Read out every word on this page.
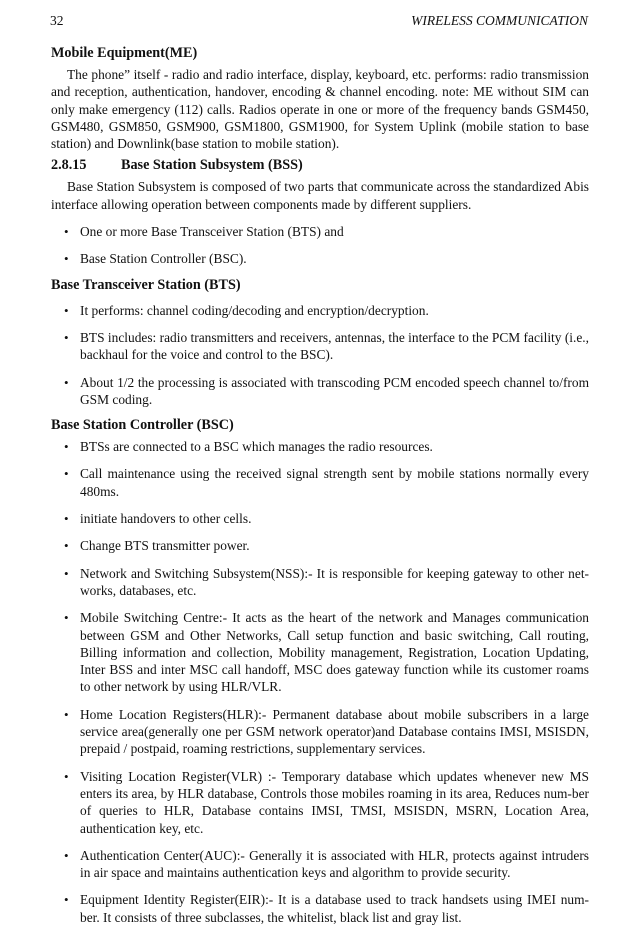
32	WIRELESS COMMUNICATION
Mobile Equipment(ME)

The phone” itself - radio and radio interface, display, keyboard, etc. performs: radio transmission and reception, authentication, handover, encoding & channel encoding. note: ME without SIM can only make emergency (112) calls. Radios operate in one or more of the frequency bands GSM450, GSM480, GSM850, GSM900, GSM1800, GSM1900, for System Uplink (mobile station to base station) and Downlink(base station to mobile station).

2.8.15 Base Station Subsystem (BSS)

Base Station Subsystem is composed of two parts that communicate across the standardized Abis interface allowing operation between components made by different suppliers.

• One or more Base Transceiver Station (BTS) and
• Base Station Controller (BSC).
Base Transceiver Station (BTS)
• It performs: channel coding/decoding and encryption/decryption.
• BTS includes: radio transmitters and receivers, antennas, the interface to the PCM facility (i.e., backhaul for the voice and control to the BSC).
• About 1/2 the processing is associated with transcoding PCM encoded speech channel to/from GSM coding.
Base Station Controller (BSC)
• BTSs are connected to a BSC which manages the radio resources.
• Call maintenance using the received signal strength sent by mobile stations normally every 480ms.
• initiate handovers to other cells.
• Change BTS transmitter power.
• Network and Switching Subsystem(NSS):- It is responsible for keeping gateway to other net-works, databases, etc.
• Mobile Switching Centre:- It acts as the heart of the network and Manages communication between GSM and Other Networks, Call setup function and basic switching, Call routing, Billing information and collection, Mobility management, Registration, Location Updating, Inter BSS and inter MSC call handoff, MSC does gateway function while its customer roams to other network by using HLR/VLR.
• Home Location Registers(HLR):- Permanent database about mobile subscribers in a large service area(generally one per GSM network operator)and Database contains IMSI, MSISDN, prepaid / postpaid, roaming restrictions, supplementary services.
• Visiting Location Register(VLR) :- Temporary database which updates whenever new MS enters its area, by HLR database, Controls those mobiles roaming in its area, Reduces num-ber of queries to HLR, Database contains IMSI, TMSI, MSISDN, MSRN, Location Area, authentication key, etc.
• Authentication Center(AUC):- Generally it is associated with HLR, protects against intruders in air space and maintains authentication keys and algorithm to provide security.
• Equipment Identity Register(EIR):- It is a database used to track handsets using IMEI num-ber. It consists of three subclasses, the whitelist, black list and gray list.
